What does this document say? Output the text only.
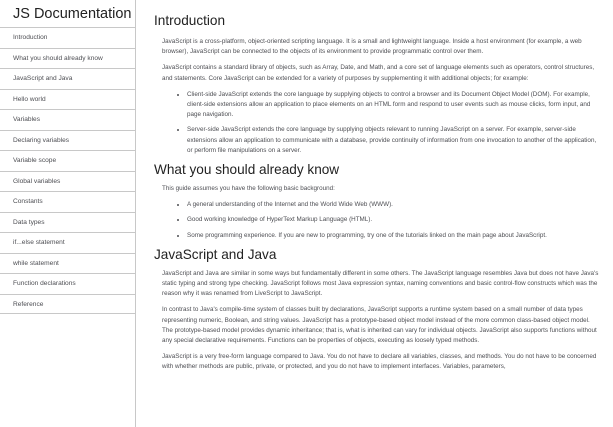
JS Documentation
Introduction
What you should already know
JavaScript and Java
Hello world
Variables
Declaring variables
Variable scope
Global variables
Constants
Data types
if...else statement
while statement
Function declarations
Reference
Introduction

JavaScript is a cross-platform, object-oriented scripting language. It is a small and lightweight language. Inside a host environment (for example, a web browser), JavaScript can be connected to the objects of its environment to provide programmatic control over them.

JavaScript contains a standard library of objects, such as Array, Date, and Math, and a core set of language elements such as operators, control structures, and statements. Core JavaScript can be extended for a variety of purposes by supplementing it with additional objects; for example:

• Client-side JavaScript extends the core language by supplying objects to control a browser and its Document Object Model (DOM). For example, client-side extensions allow an application to place elements on an HTML form and respond to user events such as mouse clicks, form input, and page navigation.
• Server-side JavaScript extends the core language by supplying objects relevant to running JavaScript on a server. For example, server-side extensions allow an application to communicate with a database, provide continuity of information from one invocation to another of the application, or perform file manipulations on a server.
What you should already know

This guide assumes you have the following basic background:

• A general understanding of the Internet and the World Wide Web (WWW).
• Good working knowledge of HyperText Markup Language (HTML).
• Some programming experience. If you are new to programming, try one of the tutorials linked on the main page about JavaScript.
JavaScript and Java

JavaScript and Java are similar in some ways but fundamentally different in some others. The JavaScript language resembles Java but does not have Java's static typing and strong type checking. JavaScript follows most Java expression syntax, naming conventions and basic control-flow constructs which was the reason why it was renamed from LiveScript to JavaScript.

In contrast to Java's compile-time system of classes built by declarations, JavaScript supports a runtime system based on a small number of data types representing numeric, Boolean, and string values. JavaScript has a prototype-based object model instead of the more common class-based object model. The prototype-based model provides dynamic inheritance; that is, what is inherited can vary for individual objects. JavaScript also supports functions without any special declarative requirements. Functions can be properties of objects, executing as loosely typed methods.

JavaScript is a very free-form language compared to Java. You do not have to declare all variables, classes, and methods. You do not have to be concerned with whether methods are public, private, or protected, and you do not have to implement interfaces. Variables, parameters,
